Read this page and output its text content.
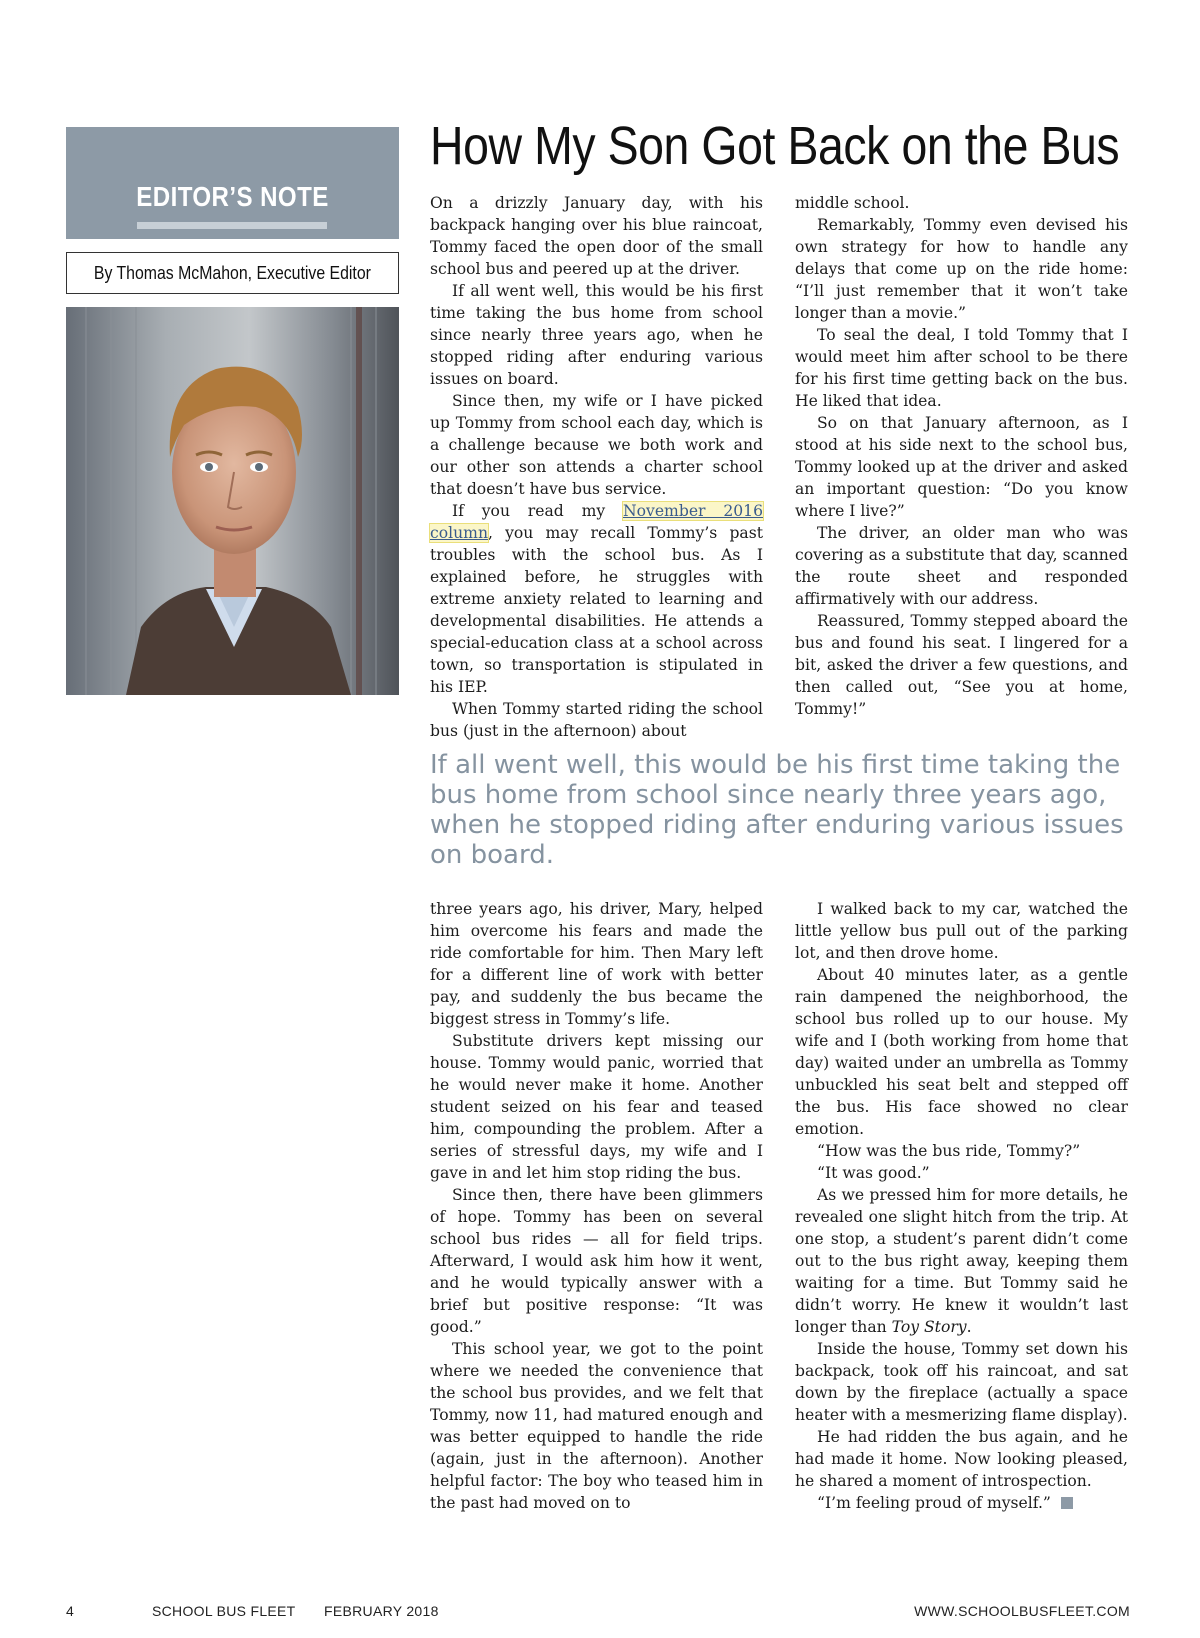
EDITOR’S NOTE
By Thomas McMahon, Executive Editor
How My Son Got Back on the Bus

On a drizzly January day, with his backpack hanging over his blue raincoat, Tommy faced the open door of the small school bus and peered up at the driver.

If all went well, this would be his first time taking the bus home from school since nearly three years ago, when he stopped riding after enduring various issues on board.

Since then, my wife or I have picked up Tommy from school each day, which is a challenge because we both work and our other son attends a charter school that doesn’t have bus service.

If you read my November 2016 column, you may recall Tommy’s past troubles with the school bus. As I explained before, he struggles with extreme anxiety related to learning and developmental disabilities. He attends a special-education class at a school across town, so transportation is stipulated in his IEP.

When Tommy started riding the school bus (just in the afternoon) about

middle school.

Remarkably, Tommy even devised his own strategy for how to handle any delays that come up on the ride home: “I’ll just remember that it won’t take longer than a movie.”

To seal the deal, I told Tommy that I would meet him after school to be there for his first time getting back on the bus. He liked that idea.

So on that January afternoon, as I stood at his side next to the school bus, Tommy looked up at the driver and asked an important question: “Do you know where I live?”

The driver, an older man who was covering as a substitute that day, scanned the route sheet and responded affirmatively with our address.

Reassured, Tommy stepped aboard the bus and found his seat. I lingered for a bit, asked the driver a few questions, and then called out, “See you at home, Tommy!”

If all went well, this would be his first time taking the bus home from school since nearly three years ago, when he stopped riding after enduring various issues on board.

three years ago, his driver, Mary, helped him overcome his fears and made the ride comfortable for him. Then Mary left for a different line of work with better pay, and suddenly the bus became the biggest stress in Tommy’s life.

Substitute drivers kept missing our house. Tommy would panic, worried that he would never make it home. Another student seized on his fear and teased him, compounding the problem. After a series of stressful days, my wife and I gave in and let him stop riding the bus.

Since then, there have been glimmers of hope. Tommy has been on several school bus rides — all for field trips. Afterward, I would ask him how it went, and he would typically answer with a brief but positive response: “It was good.”

This school year, we got to the point where we needed the convenience that the school bus provides, and we felt that Tommy, now 11, had matured enough and was better equipped to handle the ride (again, just in the afternoon). Another helpful factor: The boy who teased him in the past had moved on to

I walked back to my car, watched the little yellow bus pull out of the parking lot, and then drove home.

About 40 minutes later, as a gentle rain dampened the neighborhood, the school bus rolled up to our house. My wife and I (both working from home that day) waited under an umbrella as Tommy unbuckled his seat belt and stepped off the bus. His face showed no clear emotion.

“How was the bus ride, Tommy?”

“It was good.”

As we pressed him for more details, he revealed one slight hitch from the trip. At one stop, a student’s parent didn’t come out to the bus right away, keeping them waiting for a time. But Tommy said he didn’t worry. He knew it wouldn’t last longer than Toy Story.

Inside the house, Tommy set down his backpack, took off his raincoat, and sat down by the fireplace (actually a space heater with a mesmerizing flame display).

He had ridden the bus again, and he had made it home. Now looking pleased, he shared a moment of introspection.

“I’m feeling proud of myself.”

4	SCHOOL BUS FLEET FEBRUARY 2018	WWW.SCHOOLBUSFLEET.COM
